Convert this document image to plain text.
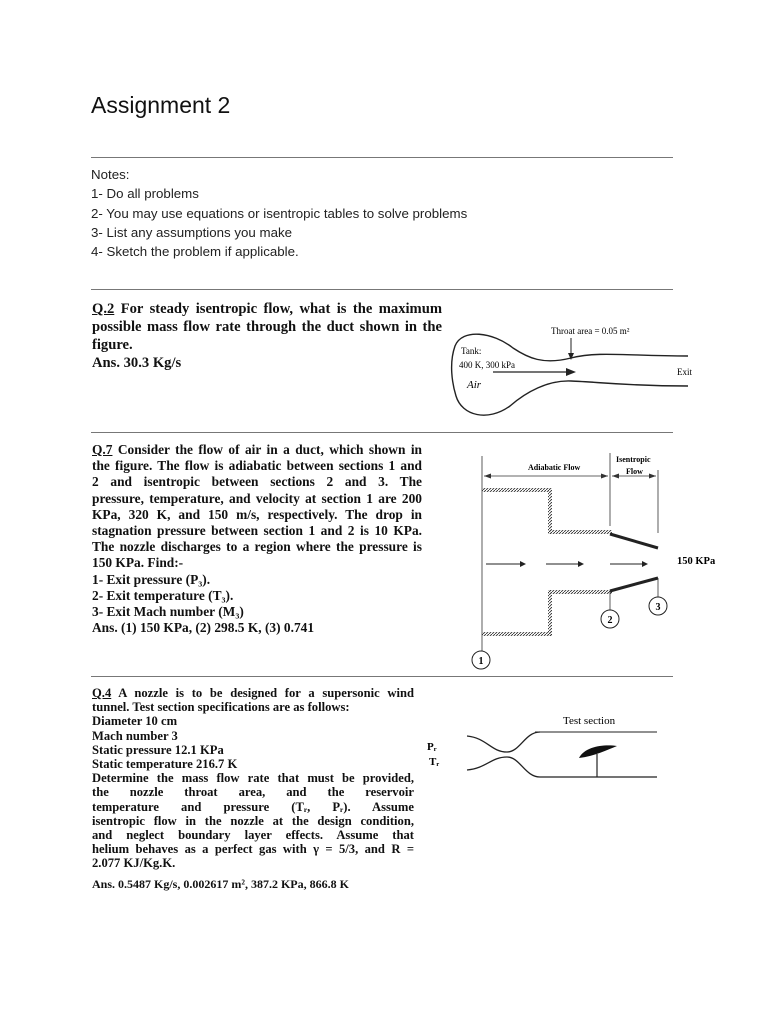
Assignment 2
Notes:
1- Do all problems
2- You may use equations or isentropic tables to solve problems
3- List any assumptions you make
4- Sketch the problem if applicable.
Q.2 For steady isentropic flow, what is the maximum
possible mass flow rate through the duct shown in the
figure.
Ans. 30.3 Kg/s
Throat area = 0.05 m²
Tank:
400 K, 300 kPa
Air
Exit
Q.7 Consider the flow of air in a duct, which shown in
the figure. The flow is adiabatic between sections 1 and
2 and isentropic between sections 2 and 3. The
pressure, temperature, and velocity at section 1 are 200
KPa, 320 K, and 150 m/s, respectively. The drop in
stagnation pressure between section 1 and 2 is 10 KPa.
The nozzle discharges to a region where the pressure is
150 KPa. Find:-
1- Exit pressure (P₃).
2- Exit temperature (T₃).
3- Exit Mach number (M₃)
Ans. (1) 150 KPa, (2) 298.5 K, (3) 0.741
Adiabatic Flow
Isentropic
Flow
150 KPa
1
2
3
Q.4 A nozzle is to be designed for a supersonic wind
tunnel. Test section specifications are as follows:
Diameter 10 cm
Mach number 3
Static pressure 12.1 KPa
Static temperature 216.7 K
Determine the mass flow rate that must be provided,
the nozzle throat area, and the reservoir
temperature and pressure (Tᵣ, Pᵣ). Assume
isentropic flow in the nozzle at the design condition,
and neglect boundary layer effects. Assume that
helium behaves as a perfect gas with γ = 5/3, and R =
2.077 KJ/Kg.K.
Ans. 0.5487 Kg/s, 0.002617 m², 387.2 KPa, 866.8 K
Test section
Pᵣ
Tᵣ
